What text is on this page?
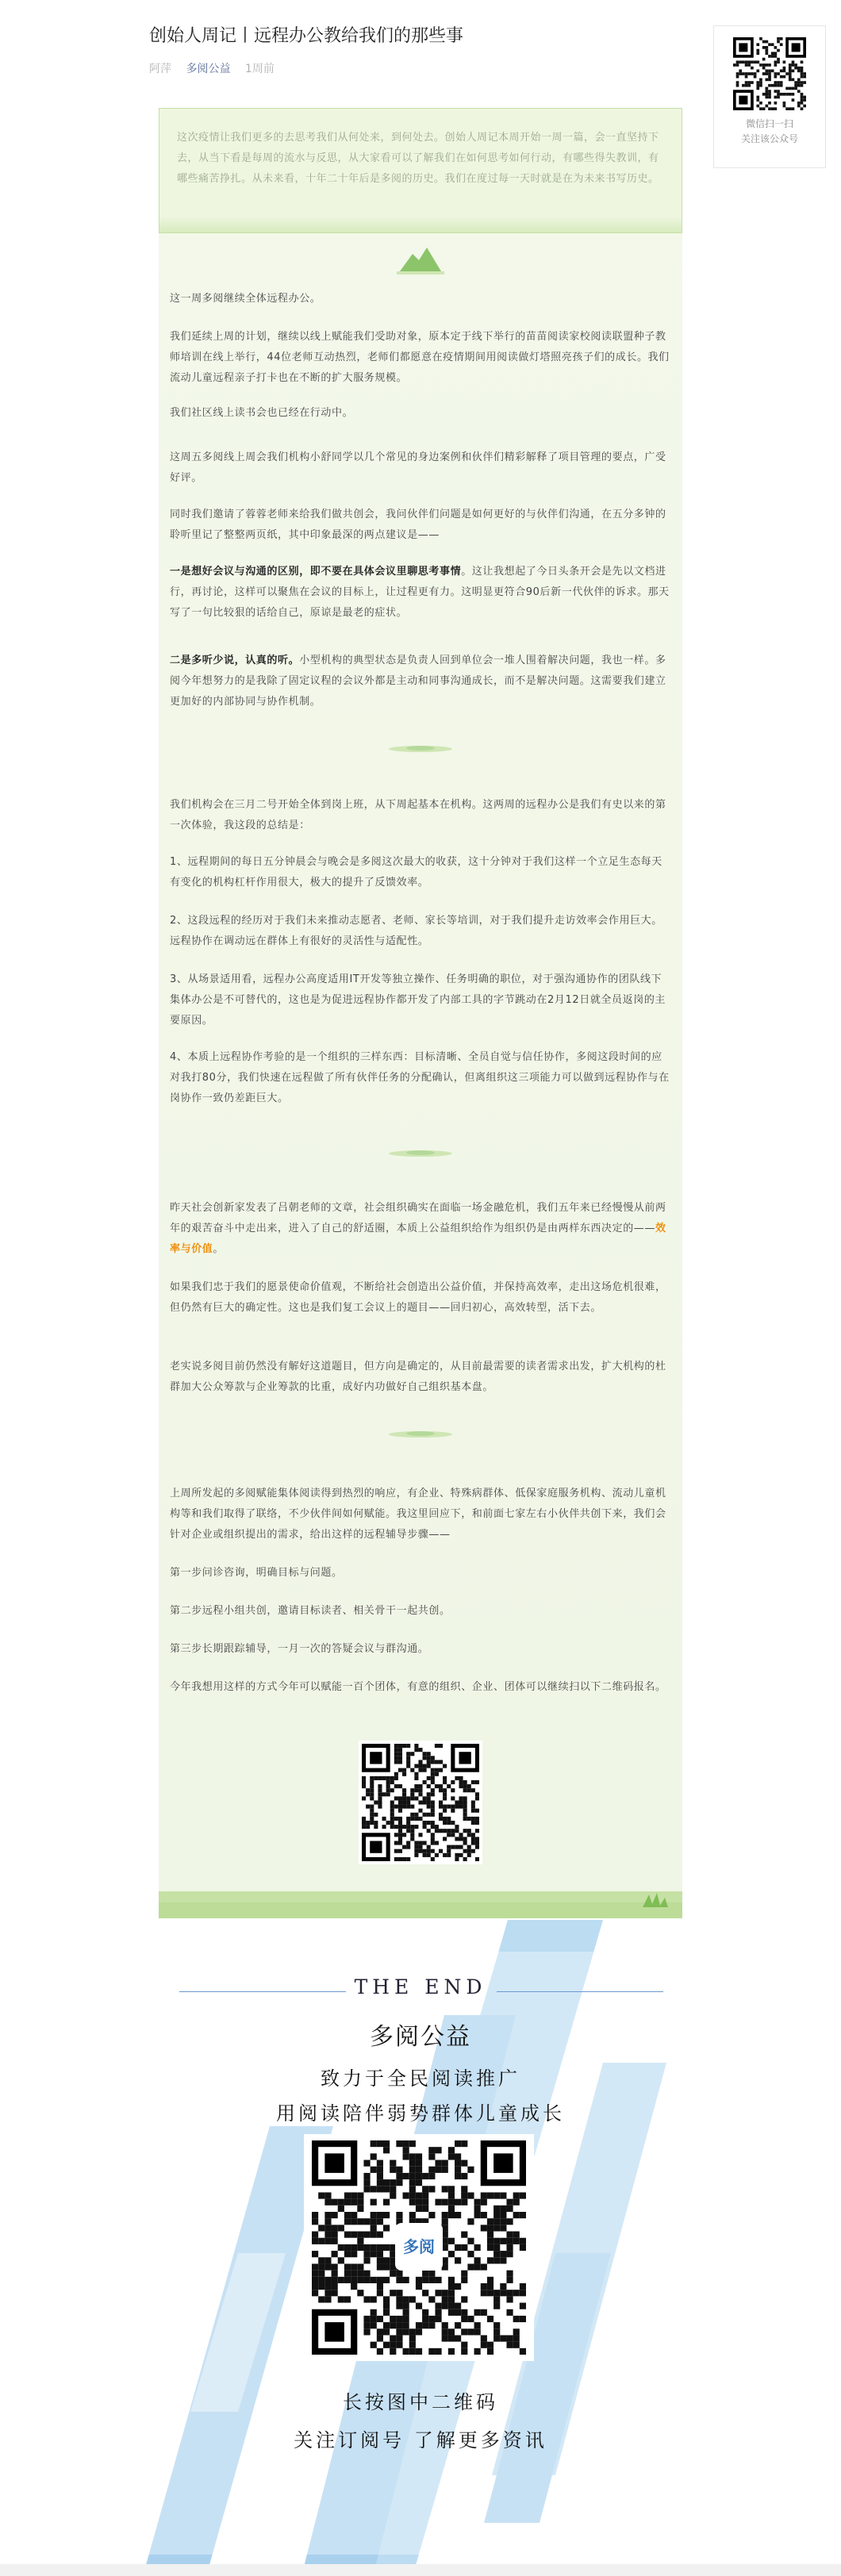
创始人周记丨远程办公教给我们的那些事
阿萍 多阅公益 1周前
微信扫一扫
关注该公众号

这次疫情让我们更多的去思考我们从何处来，到何处去。创始人周记本周开始一周一篇，会一直坚持下去，从当下看是每周的流水与反思，从大家看可以了解我们在如何思考如何行动，有哪些得失教训，有哪些痛苦挣扎。从未来看，十年二十年后是多阅的历史。我们在度过每一天时就是在为未来书写历史。

这一周多阅继续全体远程办公。
我们延续上周的计划，继续以线上赋能我们受助对象，原本定于线下举行的苗苗阅读家校阅读联盟种子教师培训在线上举行，44位老师互动热烈，老师们都愿意在疫情期间用阅读做灯塔照亮孩子们的成长。我们流动儿童远程亲子打卡也在不断的扩大服务规模。
我们社区线上读书会也已经在行动中。
这周五多阅线上周会我们机构小舒同学以几个常见的身边案例和伙伴们精彩解释了项目管理的要点，广受好评。
同时我们邀请了蓉蓉老师来给我们做共创会，我问伙伴们问题是如何更好的与伙伴们沟通，在五分多钟的聆听里记了整整两页纸，其中印象最深的两点建议是——
一是想好会议与沟通的区别，即不要在具体会议里聊思考事情。这让我想起了今日头条开会是先以文档进行，再讨论，这样可以聚焦在会议的目标上，让过程更有力。这明显更符合90后新一代伙伴的诉求。那天写了一句比较狠的话给自己，原谅是最老的症状。
二是多听少说，认真的听。小型机构的典型状态是负责人回到单位会一堆人围着解决问题，我也一样。多阅今年想努力的是我除了固定议程的会议外都是主动和同事沟通成长，而不是解决问题。这需要我们建立更加好的内部协同与协作机制。
我们机构会在三月二号开始全体到岗上班，从下周起基本在机构。这两周的远程办公是我们有史以来的第一次体验，我这段的总结是：
1、远程期间的每日五分钟晨会与晚会是多阅这次最大的收获，这十分钟对于我们这样一个立足生态每天有变化的机构杠杆作用很大，极大的提升了反馈效率。
2、这段远程的经历对于我们未来推动志愿者、老师、家长等培训，对于我们提升走访效率会作用巨大。远程协作在调动远在群体上有很好的灵活性与适配性。
3、从场景适用看，远程办公高度适用IT开发等独立操作、任务明确的职位，对于强沟通协作的团队线下集体办公是不可替代的，这也是为促进远程协作都开发了内部工具的字节跳动在2月12日就全员返岗的主要原因。
4、本质上远程协作考验的是一个组织的三样东西：目标清晰、全员自觉与信任协作，多阅这段时间的应对我打80分，我们快速在远程做了所有伙伴任务的分配确认，但离组织这三项能力可以做到远程协作与在岗协作一致仍差距巨大。
昨天社会创新家发表了吕朝老师的文章，社会组织确实在面临一场金融危机，我们五年来已经慢慢从前两年的艰苦奋斗中走出来，进入了自己的舒适圈，本质上公益组织给作为组织仍是由两样东西决定的——效率与价值。
如果我们忠于我们的愿景使命价值观，不断给社会创造出公益价值，并保持高效率，走出这场危机很难，但仍然有巨大的确定性。这也是我们复工会议上的题目——回归初心，高效转型，活下去。
老实说多阅目前仍然没有解好这道题目，但方向是确定的，从目前最需要的读者需求出发，扩大机构的杜群加大公众筹款与企业筹款的比重，成好内功做好自己组织基本盘。
上周所发起的多阅赋能集体阅读得到热烈的响应，有企业、特殊病群体、低保家庭服务机构、流动儿童机构等和我们取得了联络，不少伙伴间如何赋能。我这里回应下，和前面七家左右小伙伴共创下来，我们会针对企业或组织提出的需求，给出这样的远程辅导步骤——
第一步问诊咨询，明确目标与问题。
第二步远程小组共创，邀请目标读者、相关骨干一起共创。
第三步长期跟踪辅导，一月一次的答疑会议与群沟通。
今年我想用这样的方式今年可以赋能一百个团体，有意的组织、企业、团体可以继续扫以下二维码报名。
THE END
多阅公益
致力于全民阅读推广
用阅读陪伴弱势群体儿童成长
多阅
长按图中二维码
关注订阅号 了解更多资讯
